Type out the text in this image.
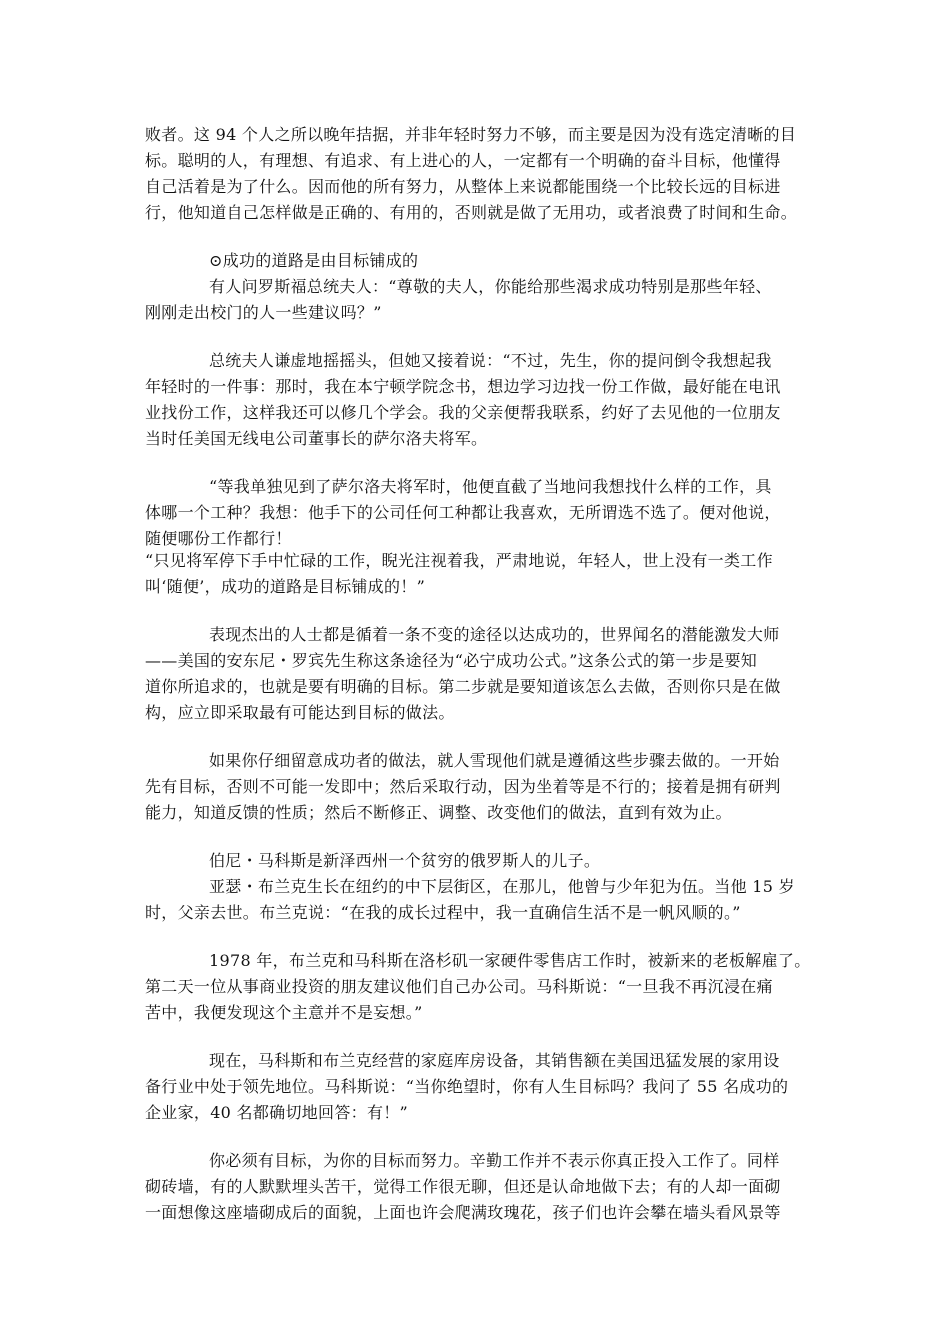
败者。这 94 个人之所以晚年拮据，并非年轻时努力不够，而主要是因为没有选定清晰的目
标。聪明的人，有理想、有追求、有上进心的人，一定都有一个明确的奋斗目标，他懂得
自己活着是为了什么。因而他的所有努力，从整体上来说都能围绕一个比较长远的目标进
行，他知道自己怎样做是正确的、有用的，否则就是做了无用功，或者浪费了时间和生命。
⊙成功的道路是由目标铺成的
有人问罗斯福总统夫人：“尊敬的夫人，你能给那些渴求成功特别是那些年轻、
刚刚走出校门的人一些建议吗？”
总统夫人谦虚地摇摇头，但她又接着说：“不过，先生，你的提问倒令我想起我
年轻时的一件事：那时，我在本宁顿学院念书，想边学习边找一份工作做，最好能在电讯
业找份工作，这样我还可以修几个学会。我的父亲便帮我联系，约好了去见他的一位朋友
当时任美国无线电公司董事长的萨尔洛夫将军。
“等我单独见到了萨尔洛夫将军时，他便直截了当地问我想找什么样的工作，具
体哪一个工种？我想：他手下的公司任何工种都让我喜欢，无所谓选不选了。便对他说，
随便哪份工作都行！
“只见将军停下手中忙碌的工作，睨光注视着我，严肃地说，年轻人，世上没有一类工作
叫‘随便’，成功的道路是目标铺成的！”
表现杰出的人士都是循着一条不变的途径以达成功的，世界闻名的潜能激发大师
——美国的安东尼・罗宾先生称这条途径为“必宁成功公式。”这条公式的第一步是要知
道你所追求的，也就是要有明确的目标。第二步就是要知道该怎么去做，否则你只是在做
构，应立即采取最有可能达到目标的做法。
如果你仔细留意成功者的做法，就人雪现他们就是遵循这些步骤去做的。一开始
先有目标，否则不可能一发即中；然后采取行动，因为坐着等是不行的；接着是拥有研判
能力，知道反馈的性质；然后不断修正、调整、改变他们的做法，直到有效为止。
伯尼・马科斯是新泽西州一个贫穷的俄罗斯人的儿子。
亚瑟・布兰克生长在纽约的中下层街区，在那儿，他曾与少年犯为伍。当他 15 岁
时，父亲去世。布兰克说：“在我的成长过程中，我一直确信生活不是一帆风顺的。”
1978 年，布兰克和马科斯在洛杉矶一家硬件零售店工作时，被新来的老板解雇了。
第二天一位从事商业投资的朋友建议他们自己办公司。马科斯说：“一旦我不再沉浸在痛
苦中，我便发现这个主意并不是妄想。”
现在，马科斯和布兰克经营的家庭库房设备，其销售额在美国迅猛发展的家用设
备行业中处于领先地位。马科斯说：“当你绝望时，你有人生目标吗？我问了 55 名成功的
企业家，40 名都确切地回答：有！”
你必须有目标，为你的目标而努力。辛勤工作并不表示你真正投入工作了。同样
砌砖墙，有的人默默埋头苦干，觉得工作很无聊，但还是认命地做下去；有的人却一面砌
一面想像这座墙砌成后的面貌，上面也许会爬满玫瑰花，孩子们也许会攀在墙头看风景等
